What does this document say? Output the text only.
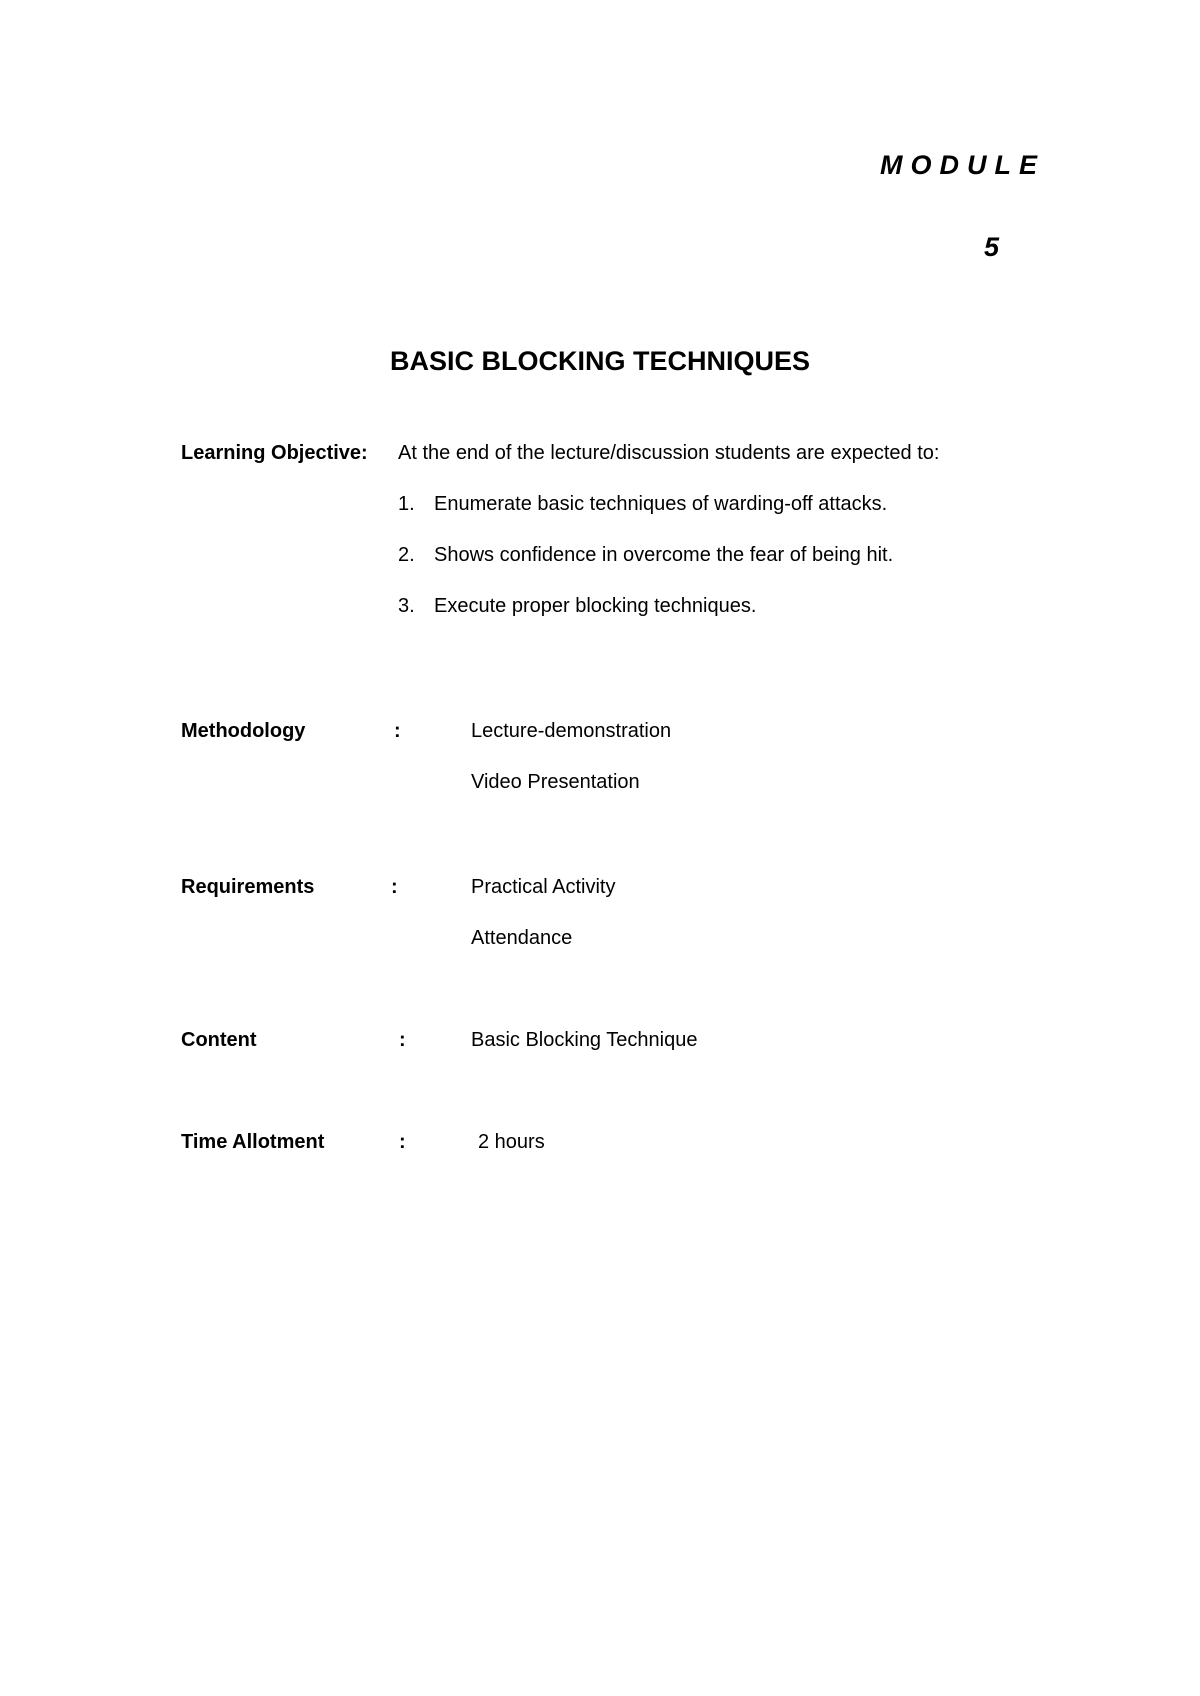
MODULE
5
BASIC BLOCKING TECHNIQUES
Learning Objective: At the end of the lecture/discussion students are expected to:
1. Enumerate basic techniques of warding-off attacks.
2. Shows confidence in overcome the fear of being hit.
3. Execute proper blocking techniques.
Methodology	:	Lecture-demonstration
Video Presentation
Requirements	:	Practical Activity
Attendance
Content	:	Basic Blocking Technique
Time Allotment	:	2 hours
